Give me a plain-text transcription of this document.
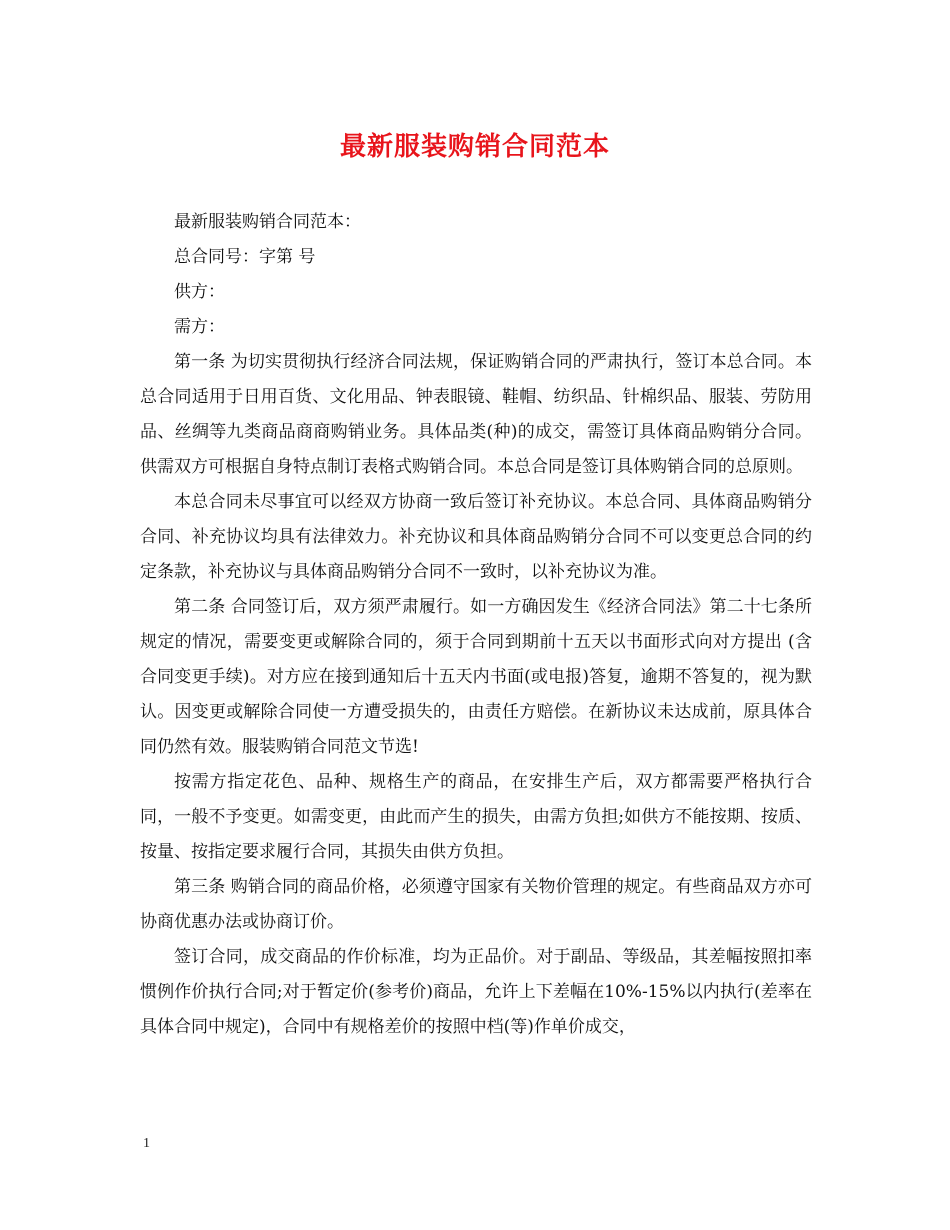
最新服装购销合同范本

最新服装购销合同范本：

总合同号：字第 号

供方：

需方：

第一条 为切实贯彻执行经济合同法规，保证购销合同的严肃执行，签订本总合同。本总合同适用于日用百货、文化用品、钟表眼镜、鞋帽、纺织品、针棉织品、服装、劳防用品、丝绸等九类商品商商购销业务。具体品类(种)的成交，需签订具体商品购销分合同。供需双方可根据自身特点制订表格式购销合同。本总合同是签订具体购销合同的总原则。

本总合同未尽事宜可以经双方协商一致后签订补充协议。本总合同、具体商品购销分合同、补充协议均具有法律效力。补充协议和具体商品购销分合同不可以变更总合同的约定条款，补充协议与具体商品购销分合同不一致时，以补充协议为准。

第二条 合同签订后，双方须严肃履行。如一方确因发生《经济合同法》第二十七条所规定的情况，需要变更或解除合同的，须于合同到期前十五天以书面形式向对方提出 (含合同变更手续)。对方应在接到通知后十五天内书面(或电报)答复，逾期不答复的，视为默认。因变更或解除合同使一方遭受损失的，由责任方赔偿。在新协议未达成前，原具体合同仍然有效。服装购销合同范文节选!

按需方指定花色、品种、规格生产的商品，在安排生产后，双方都需要严格执行合同，一般不予变更。如需变更，由此而产生的损失，由需方负担;如供方不能按期、按质、按量、按指定要求履行合同，其损失由供方负担。

第三条 购销合同的商品价格，必须遵守国家有关物价管理的规定。有些商品双方亦可协商优惠办法或协商订价。

签订合同，成交商品的作价标准，均为正品价。对于副品、等级品，其差幅按照扣率惯例作价执行合同;对于暂定价(参考价)商品，允许上下差幅在10%-15%以内执行(差率在具体合同中规定)，合同中有规格差价的按照中档(等)作单价成交，

1
